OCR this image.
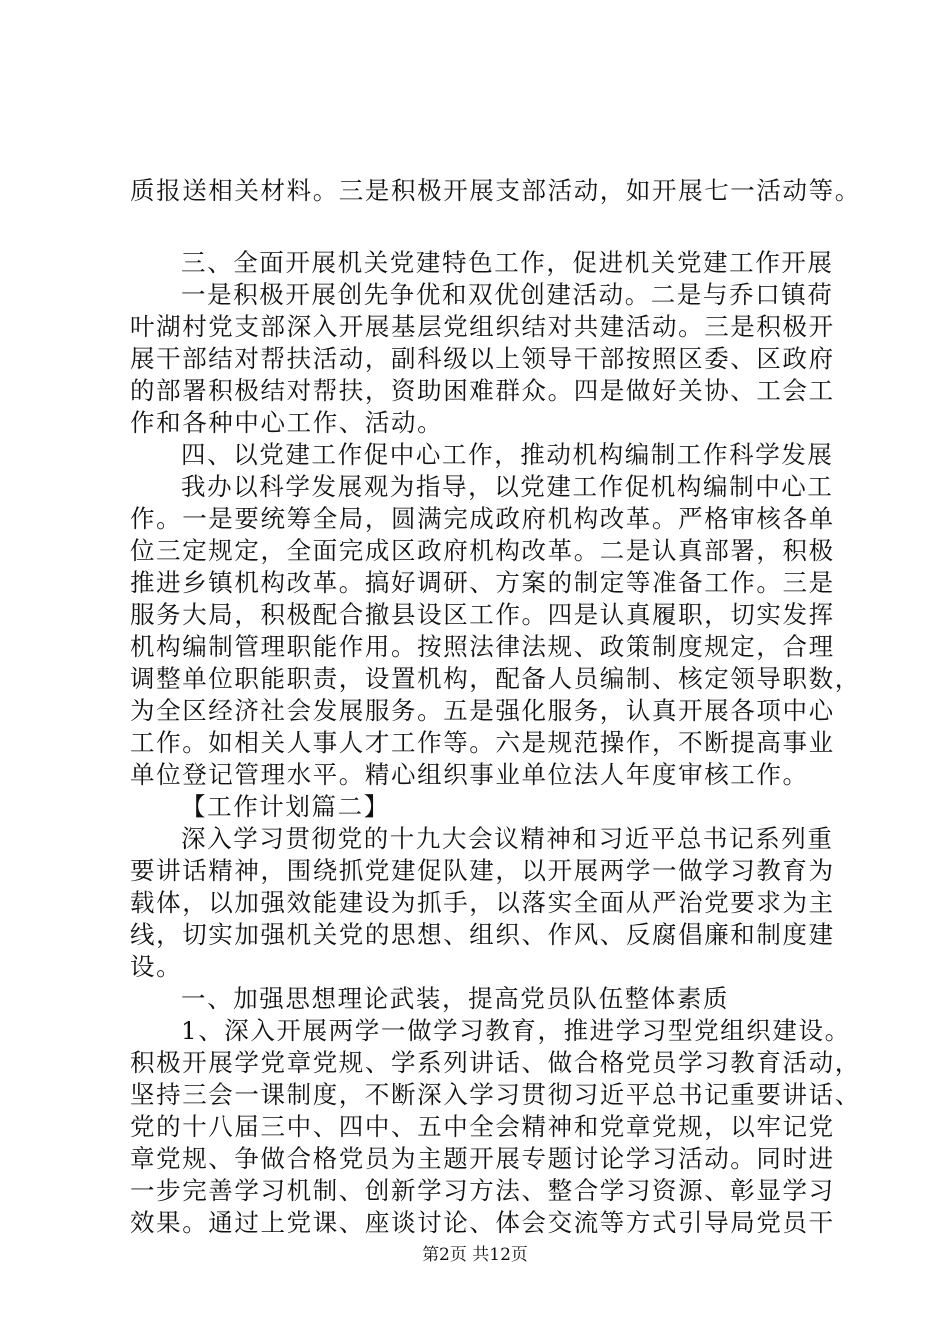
质报送相关材料。三是积极开展支部活动，如开展七一活动等。
三、全面开展机关党建特色工作，促进机关党建工作开展
一是积极开展创先争优和双优创建活动。二是与乔口镇荷
叶湖村党支部深入开展基层党组织结对共建活动。三是积极开
展干部结对帮扶活动，副科级以上领导干部按照区委、区政府
的部署积极结对帮扶，资助困难群众。四是做好关协、工会工
作和各种中心工作、活动。
四、以党建工作促中心工作，推动机构编制工作科学发展
我办以科学发展观为指导，以党建工作促机构编制中心工
作。一是要统筹全局，圆满完成政府机构改革。严格审核各单
位三定规定，全面完成区政府机构改革。二是认真部署，积极
推进乡镇机构改革。搞好调研、方案的制定等准备工作。三是
服务大局，积极配合撤县设区工作。四是认真履职，切实发挥
机构编制管理职能作用。按照法律法规、政策制度规定，合理
调整单位职能职责，设置机构，配备人员编制、核定领导职数，
为全区经济社会发展服务。五是强化服务，认真开展各项中心
工作。如相关人事人才工作等。六是规范操作，不断提高事业
单位登记管理水平。精心组织事业单位法人年度审核工作。
【工作计划篇二】
深入学习贯彻党的十九大会议精神和习近平总书记系列重
要讲话精神，围绕抓党建促队建，以开展两学一做学习教育为
载体，以加强效能建设为抓手，以落实全面从严治党要求为主
线，切实加强机关党的思想、组织、作风、反腐倡廉和制度建
设。
一、加强思想理论武装，提高党员队伍整体素质
1、深入开展两学一做学习教育，推进学习型党组织建设。
积极开展学党章党规、学系列讲话、做合格党员学习教育活动，
坚持三会一课制度，不断深入学习贯彻习近平总书记重要讲话、
党的十八届三中、四中、五中全会精神和党章党规，以牢记党
章党规、争做合格党员为主题开展专题讨论学习活动。同时进
一步完善学习机制、创新学习方法、整合学习资源、彰显学习
效果。通过上党课、座谈讨论、体会交流等方式引导局党员干
第2页 共12页
